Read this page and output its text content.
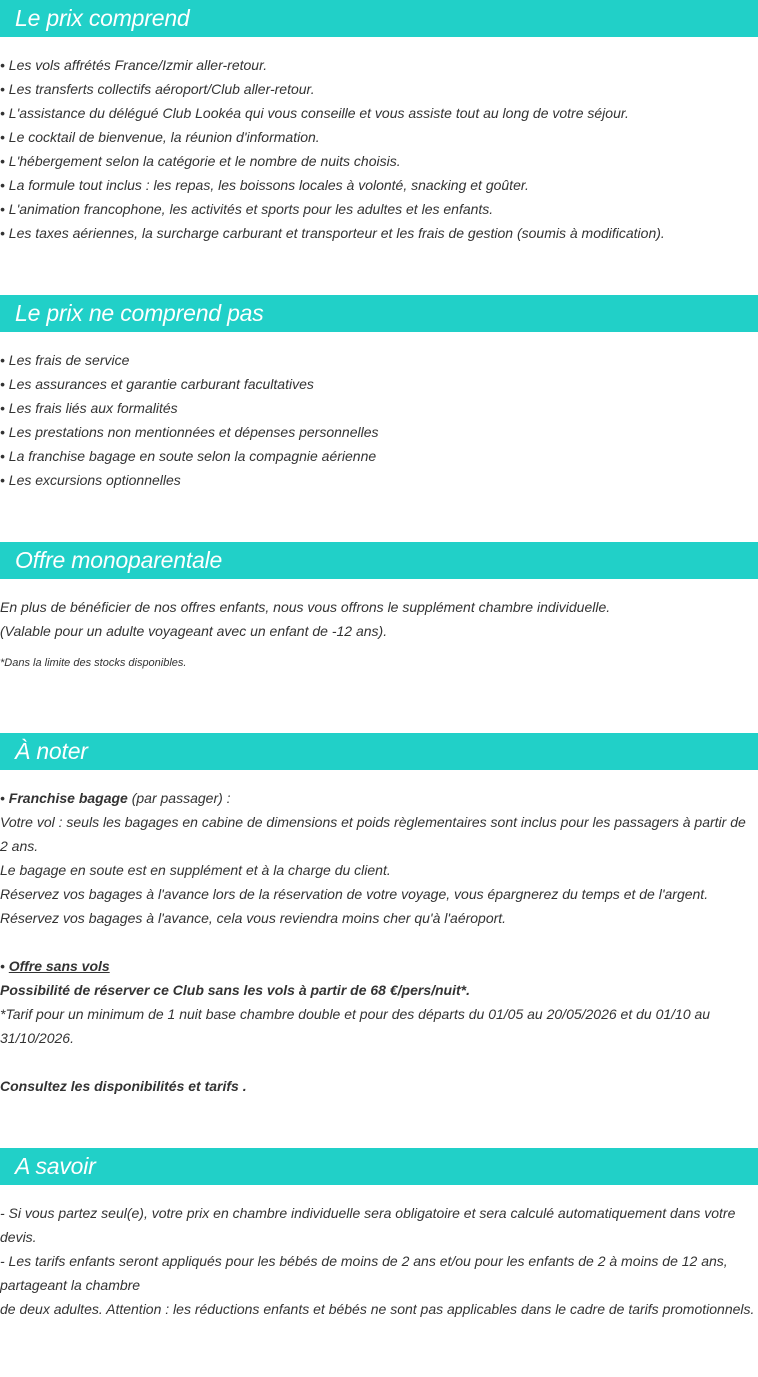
Le prix comprend
• Les vols affrétés France/Izmir aller-retour.
• Les transferts collectifs aéroport/Club aller-retour.
• L'assistance du délégué Club Lookéa qui vous conseille et vous assiste tout au long de votre séjour.
• Le cocktail de bienvenue, la réunion d'information.
• L'hébergement selon la catégorie et le nombre de nuits choisis.
• La formule tout inclus : les repas, les boissons locales à volonté, snacking et goûter.
• L'animation francophone, les activités et sports pour les adultes et les enfants.
• Les taxes aériennes, la surcharge carburant et transporteur et les frais de gestion (soumis à modification).
Le prix ne comprend pas
• Les frais de service
• Les assurances et garantie carburant facultatives
• Les frais liés aux formalités
• Les prestations non mentionnées et dépenses personnelles
• La franchise bagage en soute selon la compagnie aérienne
• Les excursions optionnelles
Offre monoparentale
En plus de bénéficier de nos offres enfants, nous vous offrons le supplément chambre individuelle.
(Valable pour un adulte voyageant avec un enfant de -12 ans).
*Dans la limite des stocks disponibles.
À noter
• Franchise bagage (par passager) :
Votre vol : seuls les bagages en cabine de dimensions et poids règlementaires sont inclus pour les passagers à partir de 2 ans.
Le bagage en soute est en supplément et à la charge du client.
Réservez vos bagages à l'avance lors de la réservation de votre voyage, vous épargnerez du temps et de l'argent.
Réservez vos bagages à l'avance, cela vous reviendra moins cher qu'à l'aéroport.
• Offre sans vols
Possibilité de réserver ce Club sans les vols à partir de 68 €/pers/nuit*.
*Tarif pour un minimum de 1 nuit base chambre double et pour des départs du 01/05 au 20/05/2026 et du 01/10 au 31/10/2026.
Consultez les disponibilités et tarifs .
A savoir
- Si vous partez seul(e), votre prix en chambre individuelle sera obligatoire et sera calculé automatiquement dans votre devis.
- Les tarifs enfants seront appliqués pour les bébés de moins de 2 ans et/ou pour les enfants de 2 à moins de 12 ans, partageant la chambre
de deux adultes. Attention : les réductions enfants et bébés ne sont pas applicables dans le cadre de tarifs promotionnels.
